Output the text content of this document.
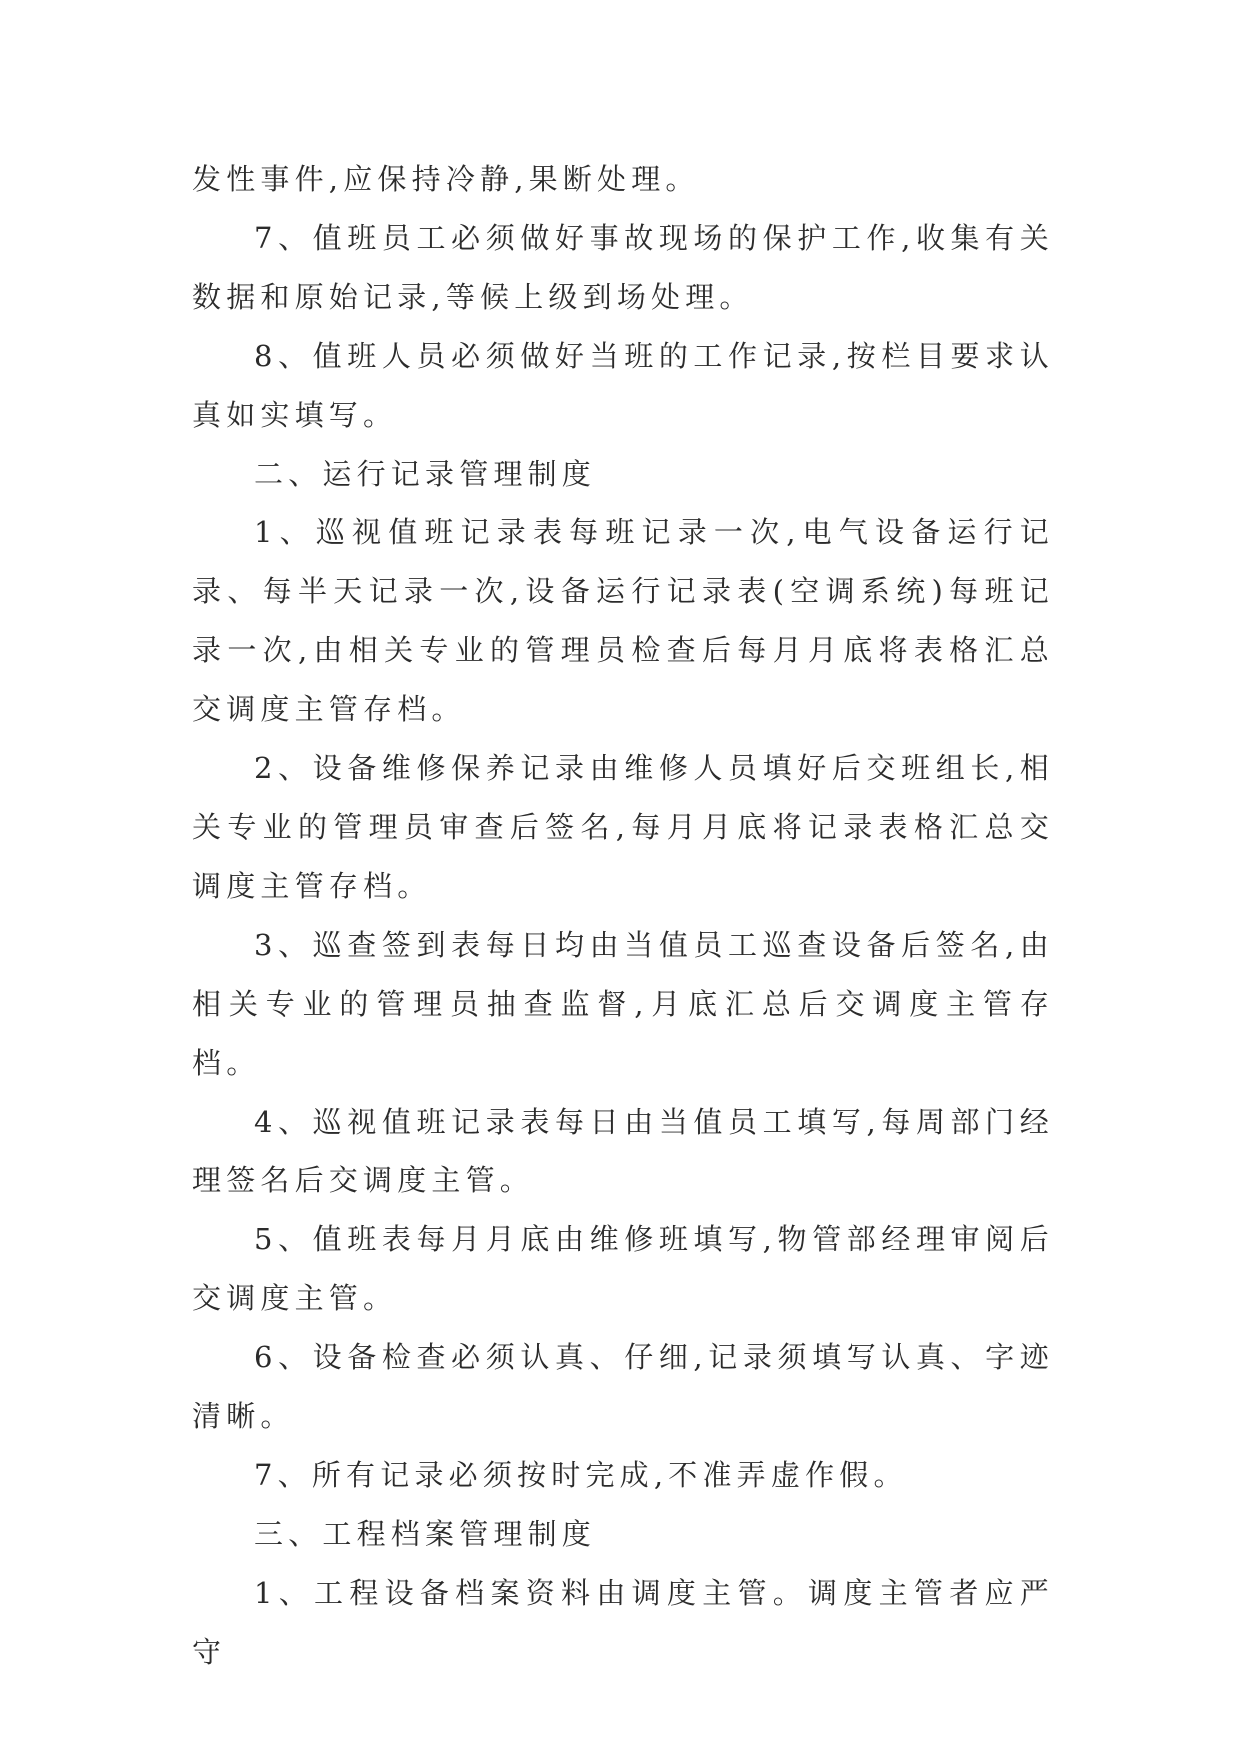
发性事件,应保持冷静,果断处理。

7、值班员工必须做好事故现场的保护工作,收集有关数据和原始记录,等候上级到场处理。

8、值班人员必须做好当班的工作记录,按栏目要求认真如实填写。

二、运行记录管理制度

1、巡视值班记录表每班记录一次,电气设备运行记录、每半天记录一次,设备运行记录表(空调系统)每班记录一次,由相关专业的管理员检查后每月月底将表格汇总交调度主管存档。

2、设备维修保养记录由维修人员填好后交班组长,相关专业的管理员审查后签名,每月月底将记录表格汇总交调度主管存档。

3、巡查签到表每日均由当值员工巡查设备后签名,由相关专业的管理员抽查监督,月底汇总后交调度主管存档。

4、巡视值班记录表每日由当值员工填写,每周部门经理签名后交调度主管。

5、值班表每月月底由维修班填写,物管部经理审阅后交调度主管。

6、设备检查必须认真、仔细,记录须填写认真、字迹清晰。

7、所有记录必须按时完成,不准弄虚作假。

三、工程档案管理制度

1、工程设备档案资料由调度主管。调度主管者应严守
